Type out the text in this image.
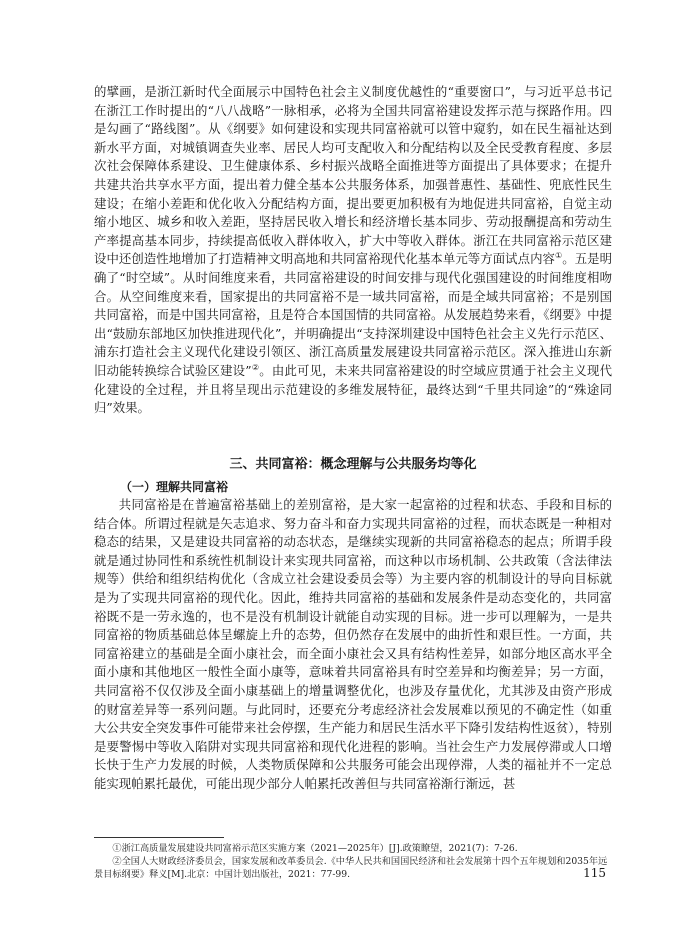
的擘画，是浙江新时代全面展示中国特色社会主义制度优越性的“重要窗口”，与习近平总书记在浙江工作时提出的“八八战略”一脉相承，必将为全国共同富裕建设发挥示范与探路作用。四是勾画了“路线图”。从《纲要》如何建设和实现共同富裕就可以管中窥豹，如在民生福祉达到新水平方面，对城镇调查失业率、居民人均可支配收入和分配结构以及全民受教育程度、多层次社会保障体系建设、卫生健康体系、乡村振兴战略全面推进等方面提出了具体要求；在提升共建共治共享水平方面，提出着力健全基本公共服务体系，加强普惠性、基础性、兜底性民生建设；在缩小差距和优化收入分配结构方面，提出要更加积极有为地促进共同富裕，自觉主动缩小地区、城乡和收入差距，坚持居民收入增长和经济增长基本同步、劳动报酬提高和劳动生产率提高基本同步，持续提高低收入群体收入，扩大中等收入群体。浙江在共同富裕示范区建设中还创造性地增加了打造精神文明高地和共同富裕现代化基本单元等方面试点内容①。五是明确了“时空域”。从时间维度来看，共同富裕建设的时间安排与现代化强国建设的时间维度相吻合。从空间维度来看，国家提出的共同富裕不是一域共同富裕，而是全域共同富裕；不是别国共同富裕，而是中国共同富裕，且是符合本国国情的共同富裕。从发展趋势来看，《纲要》中提出“鼓励东部地区加快推进现代化”，并明确提出“支持深圳建设中国特色社会主义先行示范区、浦东打造社会主义现代化建设引领区、浙江高质量发展建设共同富裕示范区。深入推进山东新旧动能转换综合试验区建设”②。由此可见，未来共同富裕建设的时空域应贯通于社会主义现代化建设的全过程，并且将呈现出示范建设的多维发展特征，最终达到“千里共同途”的“殊途同归”效果。

三、共同富裕：概念理解与公共服务均等化
（一）理解共同富裕

共同富裕是在普遍富裕基础上的差别富裕，是大家一起富裕的过程和状态、手段和目标的结合体。所谓过程就是矢志追求、努力奋斗和奋力实现共同富裕的过程，而状态既是一种相对稳态的结果，又是建设共同富裕的动态状态，是继续实现新的共同富裕稳态的起点；所谓手段就是通过协同性和系统性机制设计来实现共同富裕，而这种以市场机制、公共政策（含法律法规等）供给和组织结构优化（含成立社会建设委员会等）为主要内容的机制设计的导向目标就是为了实现共同富裕的现代化。因此，维持共同富裕的基础和发展条件是动态变化的，共同富裕既不是一劳永逸的，也不是没有机制设计就能自动实现的目标。进一步可以理解为，一是共同富裕的物质基础总体呈螺旋上升的态势，但仍然存在发展中的曲折性和艰巨性。一方面，共同富裕建立的基础是全面小康社会，而全面小康社会又具有结构性差异，如部分地区高水平全面小康和其他地区一般性全面小康等，意味着共同富裕具有时空差异和均衡差异；另一方面，共同富裕不仅仅涉及全面小康基础上的增量调整优化，也涉及存量优化，尤其涉及由资产形成的财富差异等一系列问题。与此同时，还要充分考虑经济社会发展难以预见的不确定性（如重大公共安全突发事件可能带来社会停摆，生产能力和居民生活水平下降引发结构性返贫），特别是要警惕中等收入陷阱对实现共同富裕和现代化进程的影响。当社会生产力发展停滞或人口增长快于生产力发展的时候，人类物质保障和公共服务可能会出现停滞，人类的福祉并不一定总能实现帕累托最优，可能出现少部分人帕累托改善但与共同富裕渐行渐远，甚

①浙江高质量发展建设共同富裕示范区实施方案（2021—2025年）[J].政策瞭望，2021(7)：7-26.

②全国人大财政经济委员会，国家发展和改革委员会.《中华人民共和国国民经济和社会发展第十四个五年规划和2035年远景目标纲要》释义[M].北京：中国计划出版社，2021：77-99.	115
